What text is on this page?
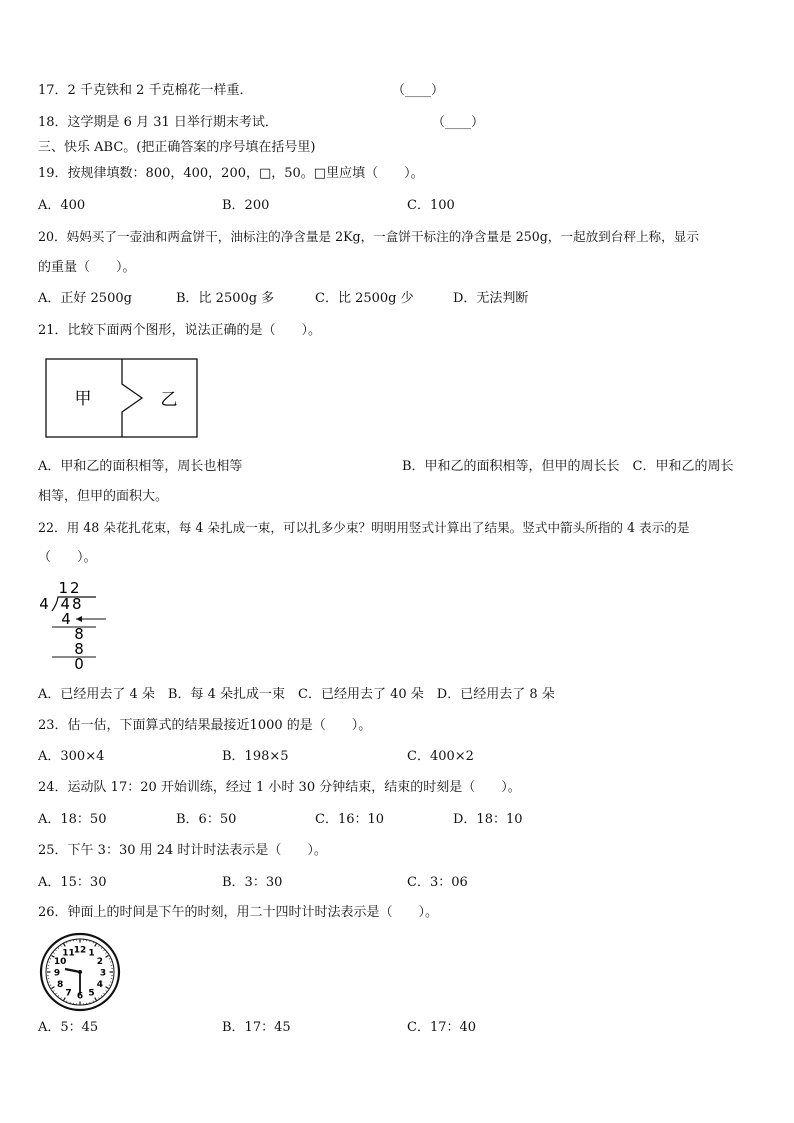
17．2 千克铁和 2 千克棉花一样重．	（____）
18．这学期是 6 月 31 日举行期末考试．	（____）
三、快乐 ABC。(把正确答案的序号填在括号里)
19．按规律填数：800，400，200，□，50。□里应填（　　）。
A．400	B．200	C．100
20．妈妈买了一壶油和两盒饼干，油标注的净含量是 2Kg，一盒饼干标注的净含量是 250g，一起放到台秤上称，显示
的重量（　　）。
A．正好 2500g	B．比 2500g 多	C．比 2500g 少	D．无法判断
21．比较下面两个图形，说法正确的是（　　）。
甲	乙
A．甲和乙的面积相等，周长也相等	B．甲和乙的面积相等，但甲的周长长　C．甲和乙的周长
相等，但甲的面积大。
22．用 48 朵花扎花束，每 4 朵扎成一束，可以扎多少束？明明用竖式计算出了结果。竖式中箭头所指的 4 表示的是
（　　）。
12
4 48
4
8
8
0
A．已经用去了 4 朵　B．每 4 朵扎成一束　C．已经用去了 40 朵　D．已经用去了 8 朵
23．估一估，下面算式的结果最接近1000 的是（　　）。
A．300×4	B．198×5	C．400×2
24．运动队 17：20 开始训练，经过 1 小时 30 分钟结束，结束的时刻是（　　）。
A．18：50	B．6：50	C．16：10	D．18：10
25．下午 3：30 用 24 时计时法表示是（　　）。
A．15：30	B．3：30	C．3：06
26．钟面上的时间是下午的时刻，用二十四时计时法表示是（　　）。
12 1
2
3
4
5
6
7
8
9
10
11
A．5：45	B．17：45	C．17：40
